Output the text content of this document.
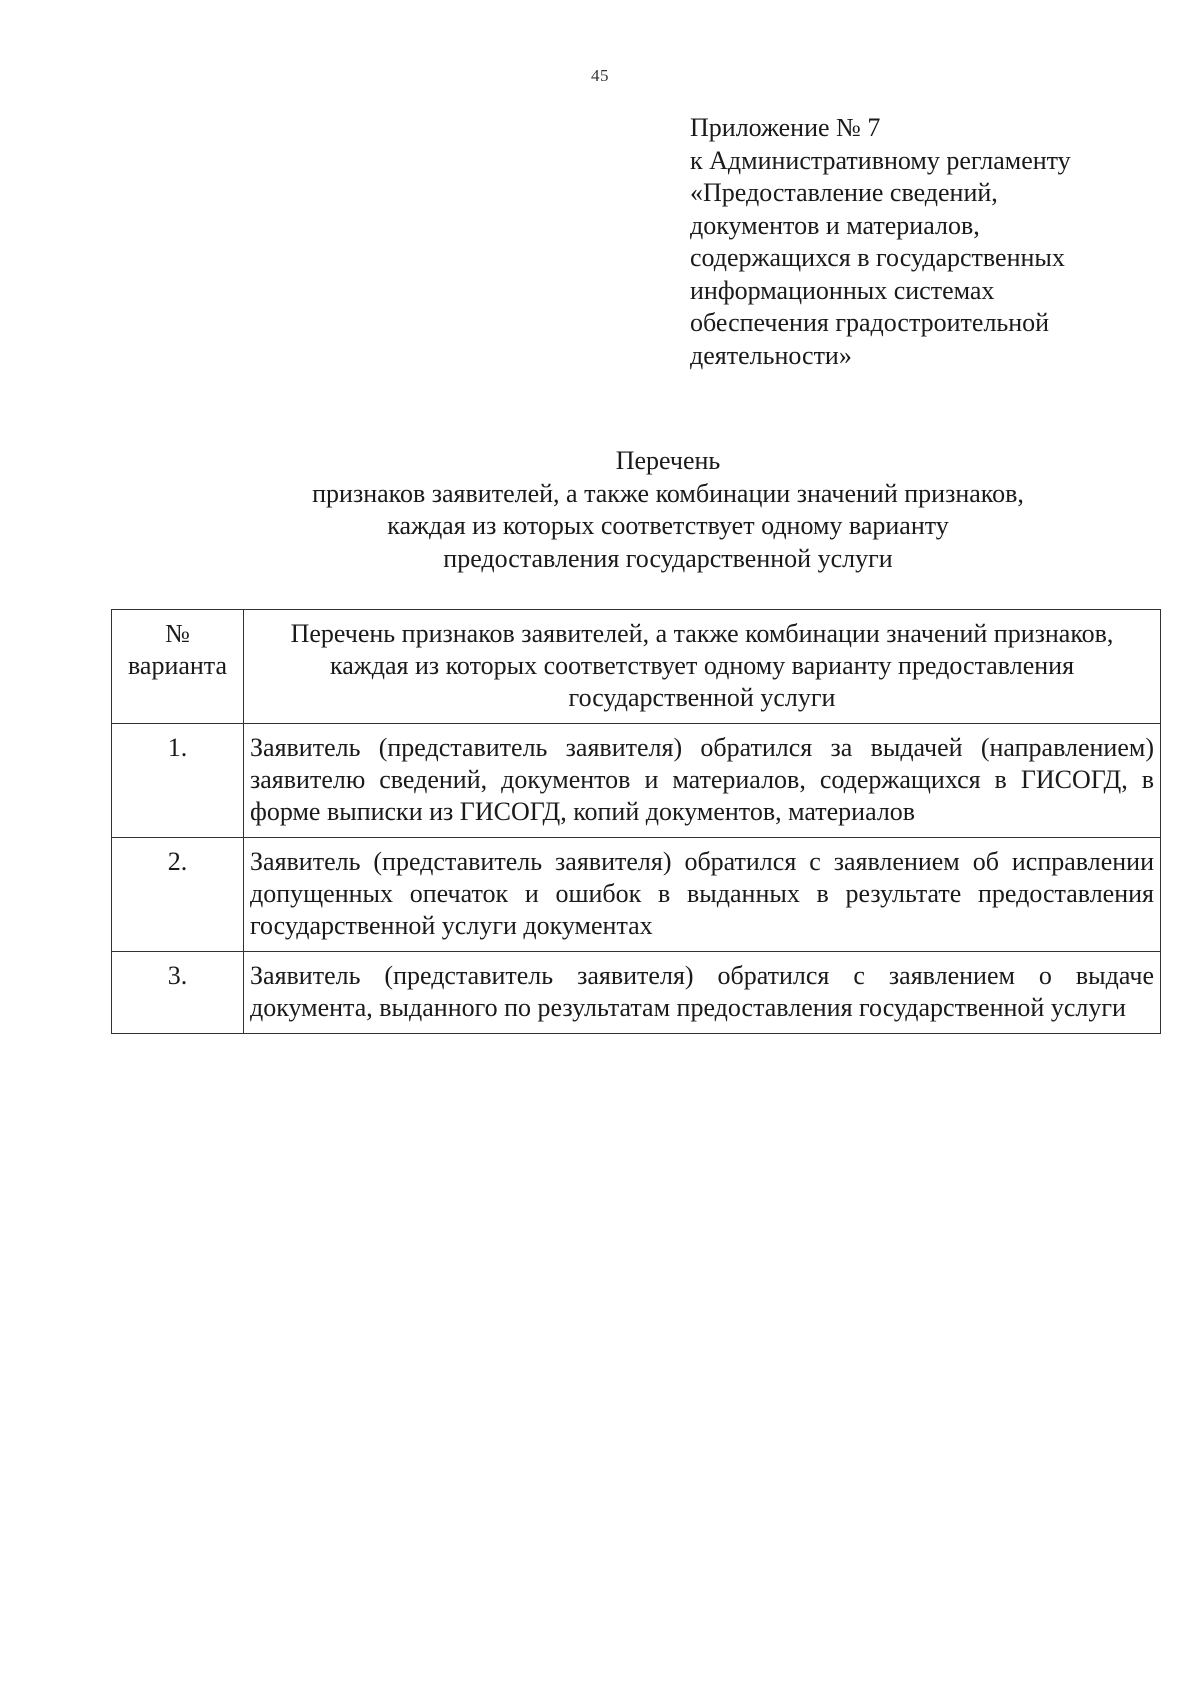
45
Приложение № 7
к Административному регламенту
«Предоставление сведений,
документов и материалов,
содержащихся в государственных
информационных системах
обеспечения градостроительной
деятельности»
Перечень
признаков заявителей, а также комбинации значений признаков,
каждая из которых соответствует одному варианту
предоставления государственной услуги
№ варианта	Перечень признаков заявителей, а также комбинации значений признаков, каждая из которых соответствует одному варианту предоставления государственной услуги
1.	Заявитель (представитель заявителя) обратился за выдачей (направлением) заявителю сведений, документов и материалов, содержащихся в ГИСОГД, в форме выписки из ГИСОГД, копий документов, материалов
2.	Заявитель (представитель заявителя) обратился с заявлением об исправлении допущенных опечаток и ошибок в выданных в результате предоставления государственной услуги документах
3.	Заявитель (представитель заявителя) обратился с заявлением о выдаче документа, выданного по результатам предоставления государственной услуги
